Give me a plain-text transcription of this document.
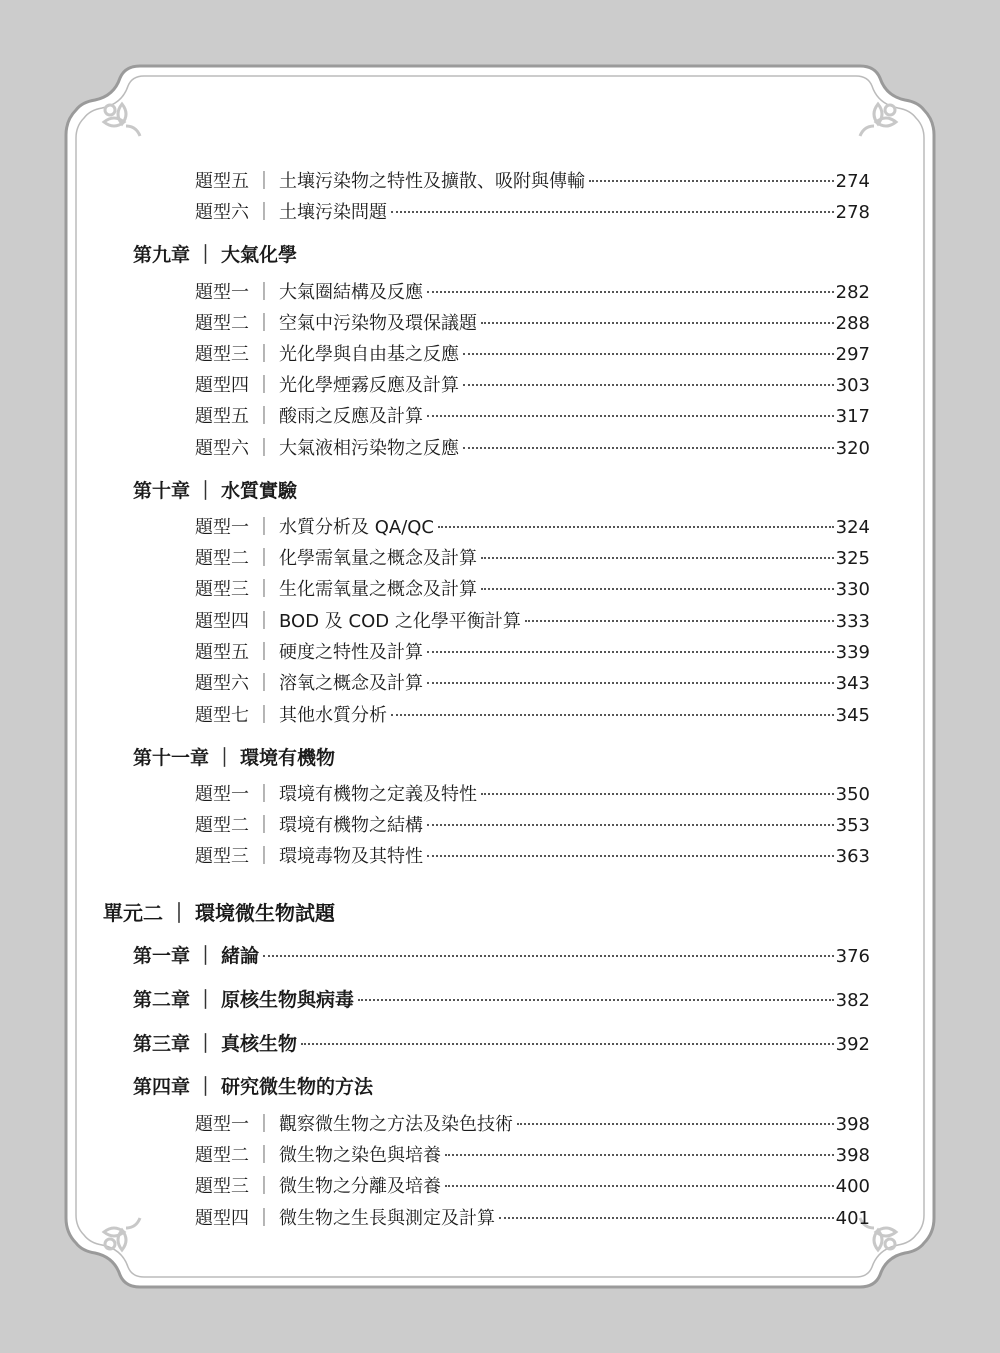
題型五 ｜ 土壤污染物之特性及擴散、吸附與傳輸	274
題型六 ｜ 土壤污染問題	278
第九章 ｜ 大氣化學
題型一 ｜ 大氣圈結構及反應	282
題型二 ｜ 空氣中污染物及環保議題	288
題型三 ｜ 光化學與自由基之反應	297
題型四 ｜ 光化學煙霧反應及計算	303
題型五 ｜ 酸雨之反應及計算	317
題型六 ｜ 大氣液相污染物之反應	320
第十章 ｜ 水質實驗
題型一 ｜ 水質分析及 QA/QC	324
題型二 ｜ 化學需氧量之概念及計算	325
題型三 ｜ 生化需氧量之概念及計算	330
題型四 ｜ BOD 及 COD 之化學平衡計算	333
題型五 ｜ 硬度之特性及計算	339
題型六 ｜ 溶氧之概念及計算	343
題型七 ｜ 其他水質分析	345
第十一章 ｜ 環境有機物
題型一 ｜ 環境有機物之定義及特性	350
題型二 ｜ 環境有機物之結構	353
題型三 ｜ 環境毒物及其特性	363
單元二 ｜ 環境微生物試題
第一章 ｜ 緒論	376
第二章 ｜ 原核生物與病毒	382
第三章 ｜ 真核生物	392
第四章 ｜ 研究微生物的方法
題型一 ｜ 觀察微生物之方法及染色技術	398
題型二 ｜ 微生物之染色與培養	398
題型三 ｜ 微生物之分離及培養	400
題型四 ｜ 微生物之生長與測定及計算	401
